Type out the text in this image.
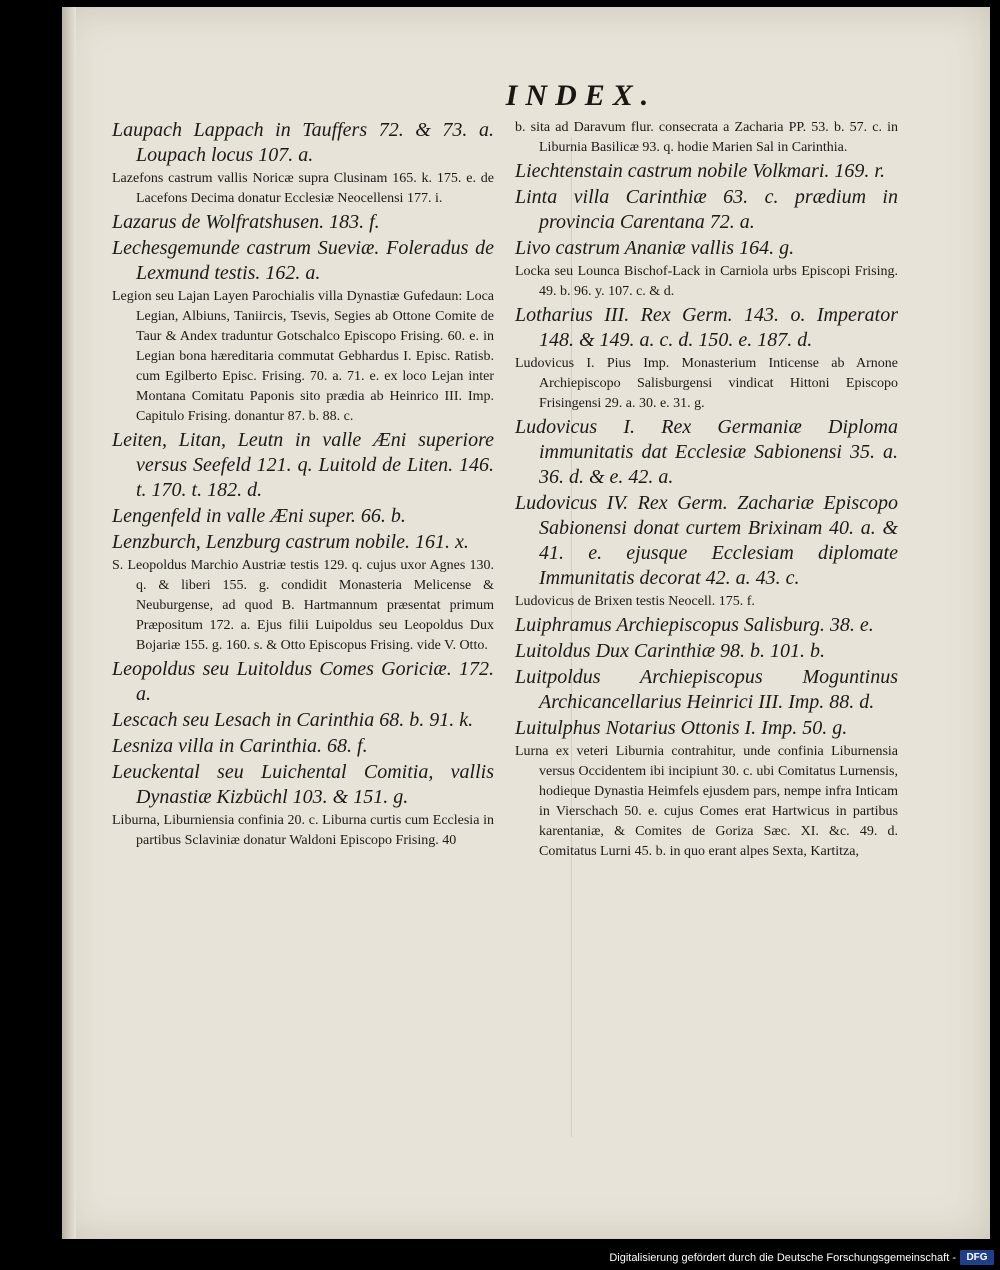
INDEX.
Laupach Lappach in Tauffers 72. & 73. a. Loupach locus 107. a.
Lazefons castrum vallis Noricæ supra Clusinam 165. k. 175. e. de Lacefons Decima donatur Ecclesiæ Neocellensi 177. i.
Lazarus de Wolfratshusen. 183. f.
Lechesgemunde castrum Sueviæ. Foleradus de Lexmund testis. 162. a.
Legion seu Lajan Layen Parochialis villa Dynastiæ Gufedaun: Loca Legian, Albiuns, Taniircis, Tsevis, Segies ab Ottone Comite de Taur & Andex traduntur Gotschalco Episcopo Frising. 60. e. in Legian bona hæreditaria commutat Gebhardus I. Episc. Ratisb. cum Egilberto Episc. Frising. 70. a. 71. e. ex loco Lejan inter Montana Comitatu Paponis sito prædia ab Heinrico III. Imp. Capitulo Frising. donantur 87. b. 88. c.
Leiten, Litan, Leutn in valle Æni superiore versus Seefeld 121. q. Luitold de Liten. 146. t. 170. t. 182. d.
Lengenfeld in valle Æni super. 66. b.
Lenzburch, Lenzburg castrum nobile. 161. x.
S. Leopoldus Marchio Austriæ testis 129. q. cujus uxor Agnes 130. q. & liberi 155. g. condidit Monasteria Melicense & Neuburgense, ad quod B. Hartmannum præsentat primum Præpositum 172. a. Ejus filii Luipoldus seu Leopoldus Dux Bojariæ 155. g. 160. s. & Otto Episcopus Frising. vide V. Otto.
Leopoldus seu Luitoldus Comes Goriciæ. 172. a.
Lescach seu Lesach in Carinthia 68. b. 91. k.
Lesniza villa in Carinthia. 68. f.
Leuckental seu Luichental Comitia, vallis Dynastiæ Kizbüchl 103. & 151. g.
Liburna, Liburniensia confinia 20. c. Liburna curtis cum Ecclesia in partibus Sclaviniæ donatur Waldoni Episcopo Frising. 40
b. sita ad Daravum flur. consecrata a Zacharia PP. 53. b. 57. c. in Liburnia Basilicæ 93. q. hodie Marien Sal in Carinthia.
Liechtenstain castrum nobile Volkmari. 169. r.
Linta villa Carinthiæ 63. c. prædium in provincia Carentana 72. a.
Livo castrum Ananiæ vallis 164. g.
Locka seu Lounca Bischof-Lack in Carniola urbs Episcopi Frising. 49. b. 96. y. 107. c. & d.
Lotharius III. Rex Germ. 143. o. Imperator 148. & 149. a. c. d. 150. e. 187. d.
Ludovicus I. Pius Imp. Monasterium Inticense ab Arnone Archiepiscopo Salisburgensi vindicat Hittoni Episcopo Frisingensi 29. a. 30. e. 31. g.
Ludovicus I. Rex Germaniæ Diploma immunitatis dat Ecclesiæ Sabionensi 35. a. 36. d. & e. 42. a.
Ludovicus IV. Rex Germ. Zachariæ Episcopo Sabionensi donat curtem Brixinam 40. a. & 41. e. ejusque Ecclesiam diplomate Immunitatis decorat 42. a. 43. c.
Ludovicus de Brixen testis Neocell. 175. f.
Luiphramus Archiepiscopus Salisburg. 38. e.
Luitoldus Dux Carinthiæ 98. b. 101. b.
Luitpoldus Archiepiscopus Moguntinus Archicancellarius Heinrici III. Imp. 88. d.
Luitulphus Notarius Ottonis I. Imp. 50. g.
Lurna ex veteri Liburnia contrahitur, unde confinia Liburnensia versus Occidentem ibi incipiunt 30. c. ubi Comitatus Lurnensis, hodieque Dynastia Heimfels ejusdem pars, nempe infra Inticam in Vierschach 50. e. cujus Comes erat Hartwicus in partibus karentaniæ, & Comites de Goriza Sæc. XI. &c. 49. d. Comitatus Lurni 45. b. in quo erant alpes Sexta, Kartitza,
Digitalisierung gefördert durch die Deutsche Forschungsgemeinschaft -	DFG
